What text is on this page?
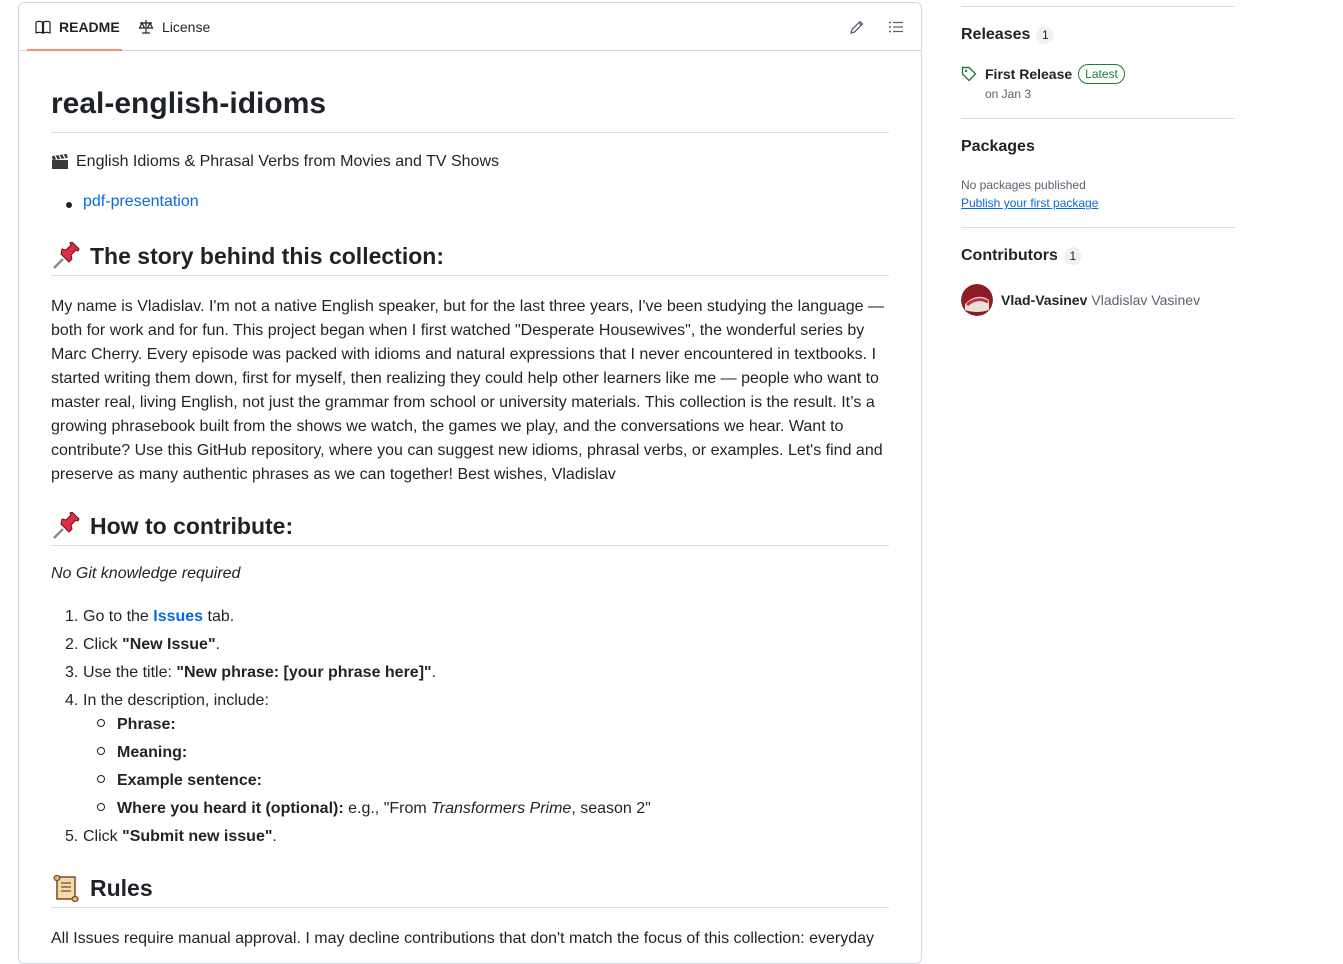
README	License
real-english-idioms
English Idioms & Phrasal Verbs from Movies and TV Shows
pdf-presentation
The story behind this collection:

My name is Vladislav. I'm not a native English speaker, but for the last three years, I've been studying the language — both for work and for fun. This project began when I first watched "Desperate Housewives", the wonderful series by Marc Cherry. Every episode was packed with idioms and natural expressions that I never encountered in textbooks. I started writing them down, first for myself, then realizing they could help other learners like me — people who want to master real, living English, not just the grammar from school or university materials. This collection is the result. It’s a growing phrasebook built from the shows we watch, the games we play, and the conversations we hear. Want to contribute? Use this GitHub repository, where you can suggest new idioms, phrasal verbs, or examples. Let's find and preserve as many authentic phrases as we can together! Best wishes, Vladislav

How to contribute:
No Git knowledge required
1. Go to the Issues tab.
2. Click "New Issue".
3. Use the title: "New phrase: [your phrase here]".
4. In the description, include:
Phrase:
Meaning:
Example sentence:
Where you heard it (optional): e.g., "From Transformers Prime, season 2"
5. Click "Submit new issue".
Rules

All Issues require manual approval. I may decline contributions that don't match the focus of this collection: everyday

Releases 1
First Release	Latest
on Jan 3
Packages
No packages published
Publish your first package
Contributors 1
Vlad-Vasinev Vladislav Vasinev
